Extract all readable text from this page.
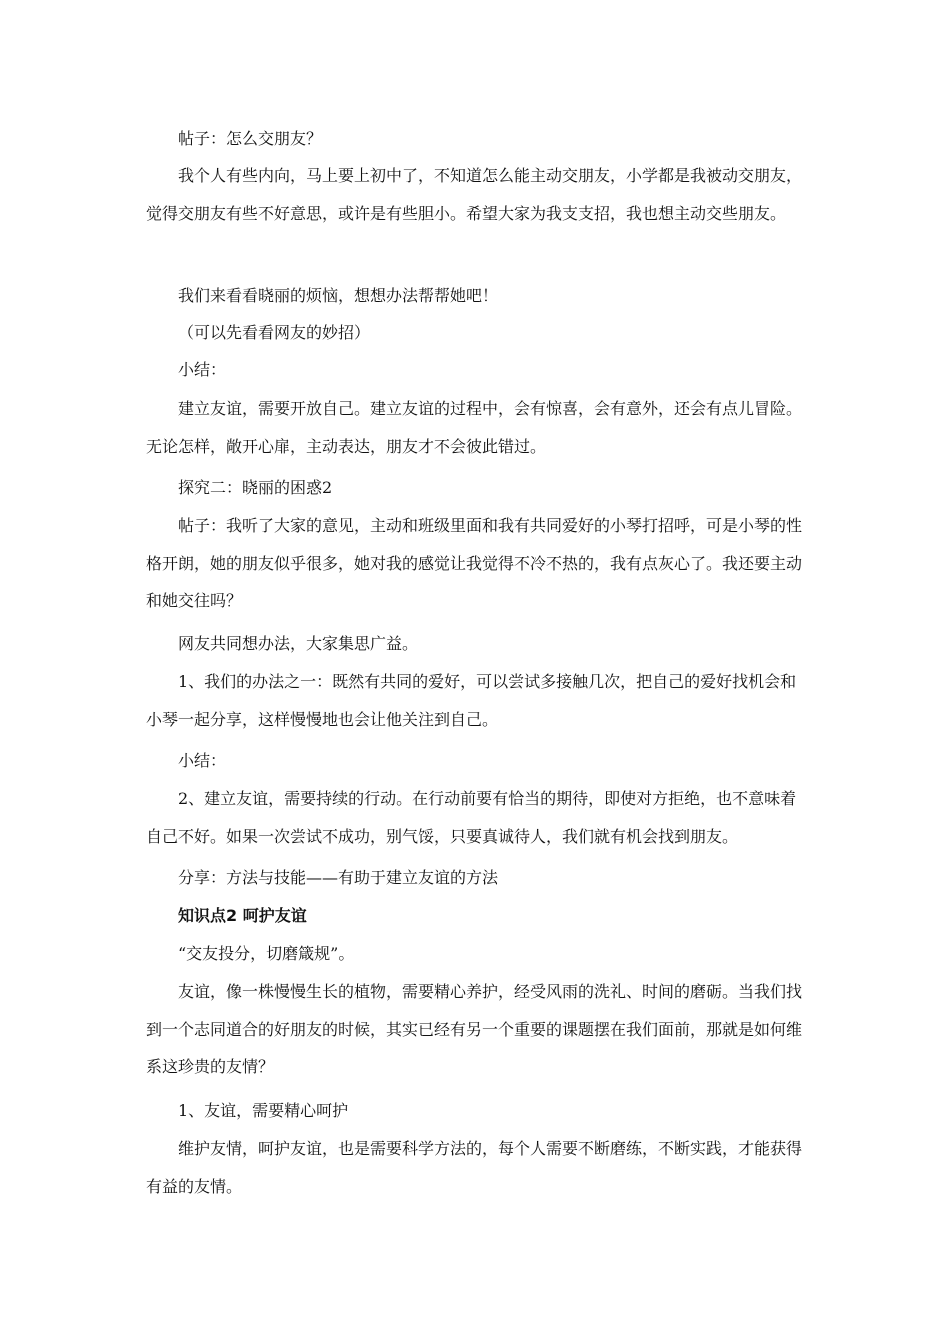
帖子：怎么交朋友？
我个人有些内向，马上要上初中了，不知道怎么能主动交朋友，小学都是我被动交朋友，觉得交朋友有些不好意思，或许是有些胆小。希望大家为我支支招，我也想主动交些朋友。
我们来看看晓丽的烦恼，想想办法帮帮她吧！
（可以先看看网友的妙招）
小结：
建立友谊，需要开放自己。建立友谊的过程中，会有惊喜，会有意外，还会有点儿冒险。无论怎样，敞开心扉，主动表达，朋友才不会彼此错过。
探究二：晓丽的困惑2
帖子：我听了大家的意见，主动和班级里面和我有共同爱好的小琴打招呼，可是小琴的性格开朗，她的朋友似乎很多，她对我的感觉让我觉得不冷不热的，我有点灰心了。我还要主动和她交往吗？
网友共同想办法，大家集思广益。
1、我们的办法之一：既然有共同的爱好，可以尝试多接触几次，把自己的爱好找机会和小琴一起分享，这样慢慢地也会让他关注到自己。
小结：
2、建立友谊，需要持续的行动。在行动前要有恰当的期待，即使对方拒绝，也不意味着自己不好。如果一次尝试不成功，别气馁，只要真诚待人，我们就有机会找到朋友。
分享：方法与技能——有助于建立友谊的方法
知识点2 呵护友谊
“交友投分，切磨箴规”。
友谊，像一株慢慢生长的植物，需要精心养护，经受风雨的洗礼、时间的磨砺。当我们找到一个志同道合的好朋友的时候，其实已经有另一个重要的课题摆在我们面前，那就是如何维系这珍贵的友情？
1、友谊，需要精心呵护
维护友情，呵护友谊，也是需要科学方法的，每个人需要不断磨练，不断实践，才能获得有益的友情。
